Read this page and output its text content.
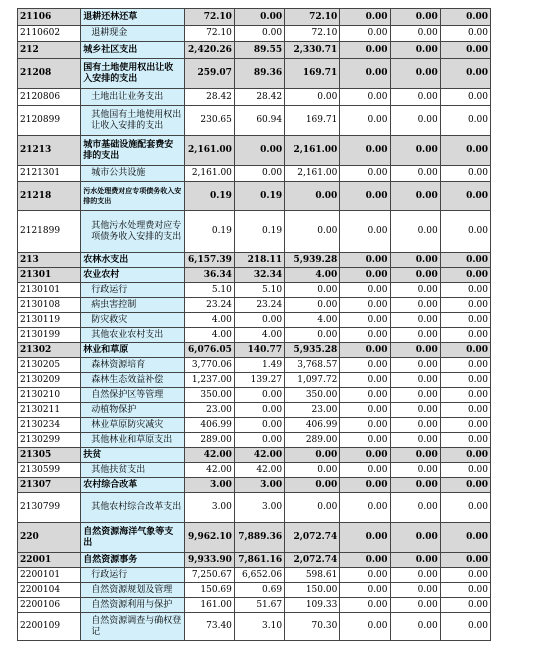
21106	退耕还林还草	72.10	0.00	72.10	0.00	0.00	0.00
2110602	退耕现金	72.10	0.00	72.10	0.00	0.00	0.00
212	城乡社区支出	2,420.26	89.55	2,330.71	0.00	0.00	0.00
21208	国有土地使用权出让收入安排的支出	259.07	89.36	169.71	0.00	0.00	0.00
2120806	土地出让业务支出	28.42	28.42	0.00	0.00	0.00	0.00
2120899	其他国有土地使用权出让收入安排的支出	230.65	60.94	169.71	0.00	0.00	0.00
21213	城市基础设施配套费安排的支出	2,161.00	0.00	2,161.00	0.00	0.00	0.00
2121301	城市公共设施	2,161.00	0.00	2,161.00	0.00	0.00	0.00
21218	污水处理费对应专项债务收入安排的支出	0.19	0.19	0.00	0.00	0.00	0.00
2121899	其他污水处理费对应专项债务收入安排的支出	0.19	0.19	0.00	0.00	0.00	0.00
213	农林水支出	6,157.39	218.11	5,939.28	0.00	0.00	0.00
21301	农业农村	36.34	32.34	4.00	0.00	0.00	0.00
2130101	行政运行	5.10	5.10	0.00	0.00	0.00	0.00
2130108	病虫害控制	23.24	23.24	0.00	0.00	0.00	0.00
2130119	防灾救灾	4.00	0.00	4.00	0.00	0.00	0.00
2130199	其他农业农村支出	4.00	4.00	0.00	0.00	0.00	0.00
21302	林业和草原	6,076.05	140.77	5,935.28	0.00	0.00	0.00
2130205	森林资源培育	3,770.06	1.49	3,768.57	0.00	0.00	0.00
2130209	森林生态效益补偿	1,237.00	139.27	1,097.72	0.00	0.00	0.00
2130210	自然保护区等管理	350.00	0.00	350.00	0.00	0.00	0.00
2130211	动植物保护	23.00	0.00	23.00	0.00	0.00	0.00
2130234	林业草原防灾减灾	406.99	0.00	406.99	0.00	0.00	0.00
2130299	其他林业和草原支出	289.00	0.00	289.00	0.00	0.00	0.00
21305	扶贫	42.00	42.00	0.00	0.00	0.00	0.00
2130599	其他扶贫支出	42.00	42.00	0.00	0.00	0.00	0.00
21307	农村综合改革	3.00	3.00	0.00	0.00	0.00	0.00
2130799	其他农村综合改革支出	3.00	3.00	0.00	0.00	0.00	0.00
220	自然资源海洋气象等支出	9,962.10	7,889.36	2,072.74	0.00	0.00	0.00
22001	自然资源事务	9,933.90	7,861.16	2,072.74	0.00	0.00	0.00
2200101	行政运行	7,250.67	6,652.06	598.61	0.00	0.00	0.00
2200104	自然资源规划及管理	150.69	0.69	150.00	0.00	0.00	0.00
2200106	自然资源利用与保护	161.00	51.67	109.33	0.00	0.00	0.00
2200109	自然资源调查与确权登记	73.40	3.10	70.30	0.00	0.00	0.00
